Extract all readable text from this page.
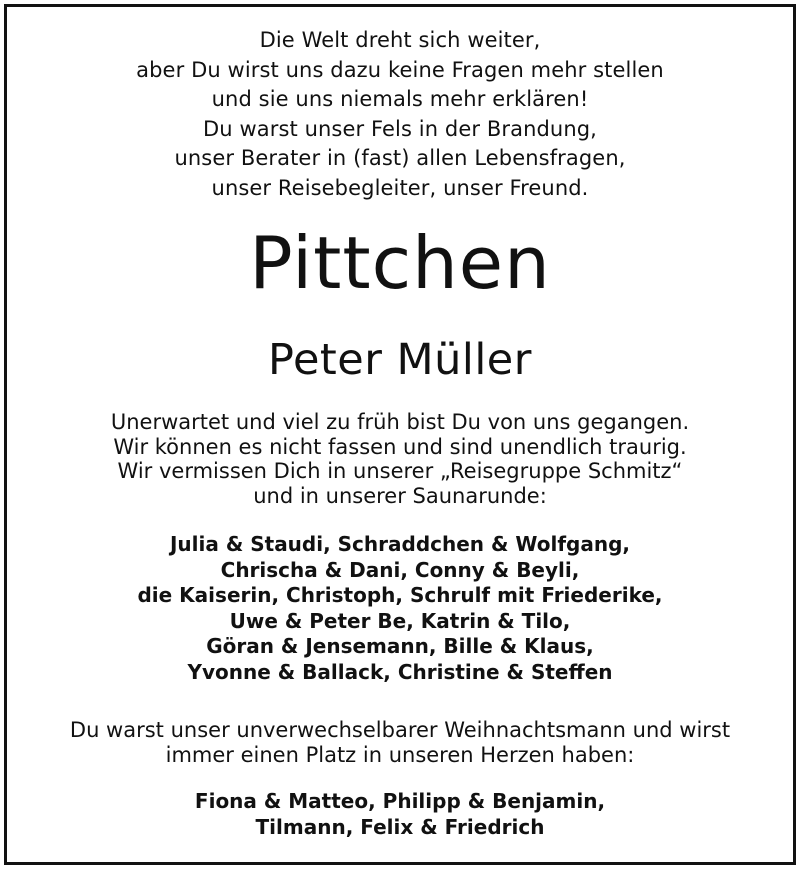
Die Welt dreht sich weiter,
aber Du wirst uns dazu keine Fragen mehr stellen
und sie uns niemals mehr erklären!
Du warst unser Fels in der Brandung,
unser Berater in (fast) allen Lebensfragen,
unser Reisebegleiter, unser Freund.
Pittchen
Peter Müller
Unerwartet und viel zu früh bist Du von uns gegangen.
Wir können es nicht fassen und sind unendlich traurig.
Wir vermissen Dich in unserer „Reisegruppe Schmitz“
und in unserer Saunarunde:
Julia & Staudi, Schraddchen & Wolfgang,
Chrischa & Dani, Conny & Beyli,
die Kaiserin, Christoph, Schrulf mit Friederike,
Uwe & Peter Be, Katrin & Tilo,
Göran & Jensemann, Bille & Klaus,
Yvonne & Ballack, Christine & Steffen
Du warst unser unverwechselbarer Weihnachtsmann und wirst
immer einen Platz in unseren Herzen haben:
Fiona & Matteo, Philipp & Benjamin,
Tilmann, Felix & Friedrich
